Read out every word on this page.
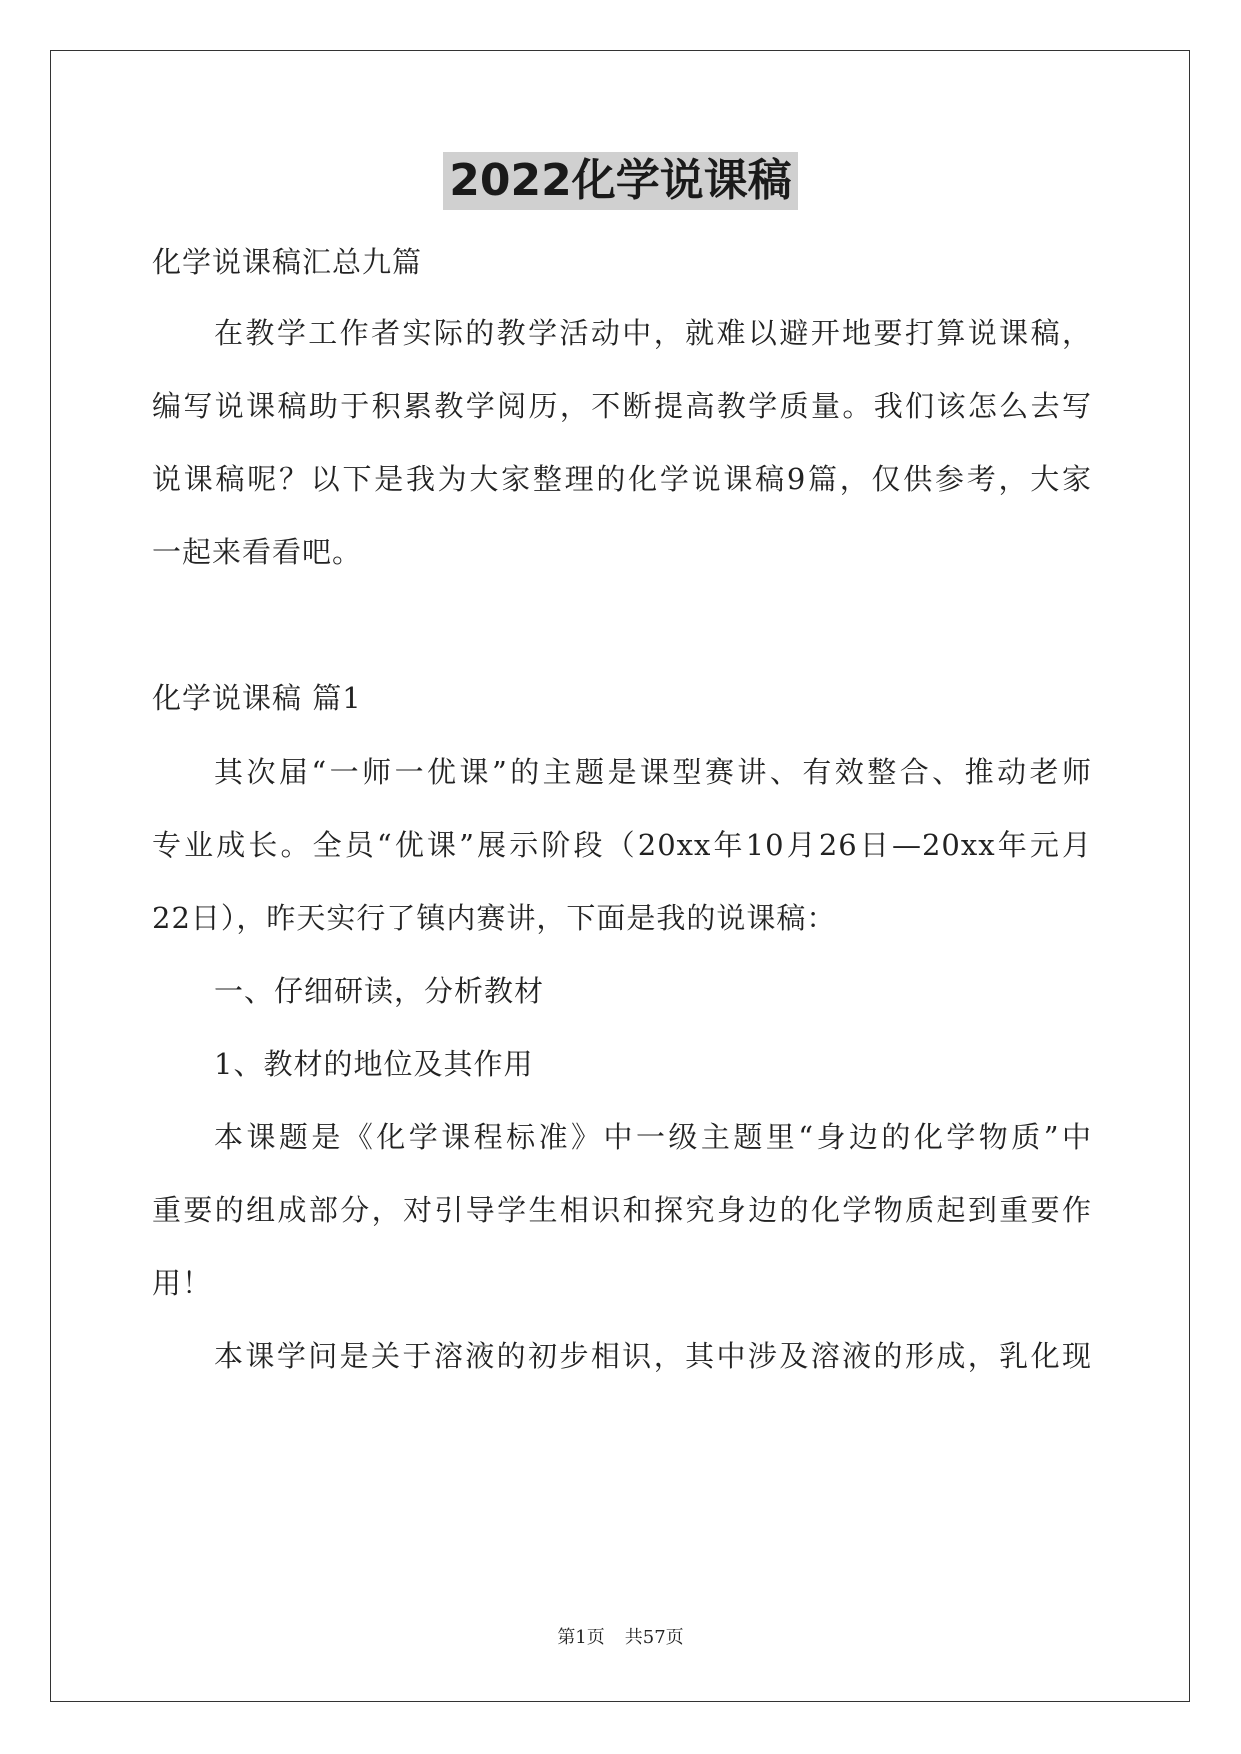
2022化学说课稿
化学说课稿汇总九篇
在教学工作者实际的教学活动中，就难以避开地要打算说课稿，
编写说课稿助于积累教学阅历，不断提高教学质量。我们该怎么去写
说课稿呢？以下是我为大家整理的化学说课稿9篇，仅供参考，大家
一起来看看吧。
化学说课稿 篇1
其次届“一师一优课”的主题是课型赛讲、有效整合、推动老师
专业成长。全员“优课”展示阶段（20xx年10月26日—20xx年元月
22日），昨天实行了镇内赛讲，下面是我的说课稿：
一、仔细研读，分析教材
1、教材的地位及其作用
本课题是《化学课程标准》中一级主题里“身边的化学物质”中
重要的组成部分，对引导学生相识和探究身边的化学物质起到重要作
用！
本课学问是关于溶液的初步相识，其中涉及溶液的形成，乳化现
第1页 共57页
